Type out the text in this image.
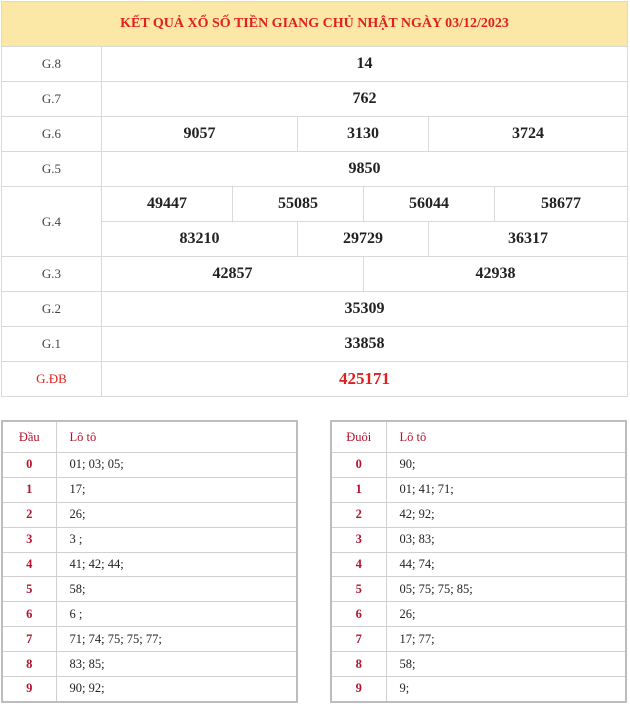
KẾT QUẢ XỔ SỐ TIỀN GIANG CHỦ NHẬT NGÀY 03/12/2023						
G.8	14					
G.7	762					
G.6	9057		3130		3724	
G.5	9850					
G.4	49447	55085		56044		58677
	83210		29729		36317	
G.3	42857			42938		
G.2	35309					
G.1	33858					
G.ĐB	425171					
Đầu	Lô tô
0	01; 03; 05;
1	17;
2	26;
3	3 ;
4	41; 42; 44;
5	58;
6	6 ;
7	71; 74; 75; 75; 77;
8	83; 85;
9	90; 92;
Đuôi	Lô tô
0	90;
1	01; 41; 71;
2	42; 92;
3	03; 83;
4	44; 74;
5	05; 75; 75; 85;
6	26;
7	17; 77;
8	58;
9	9;
